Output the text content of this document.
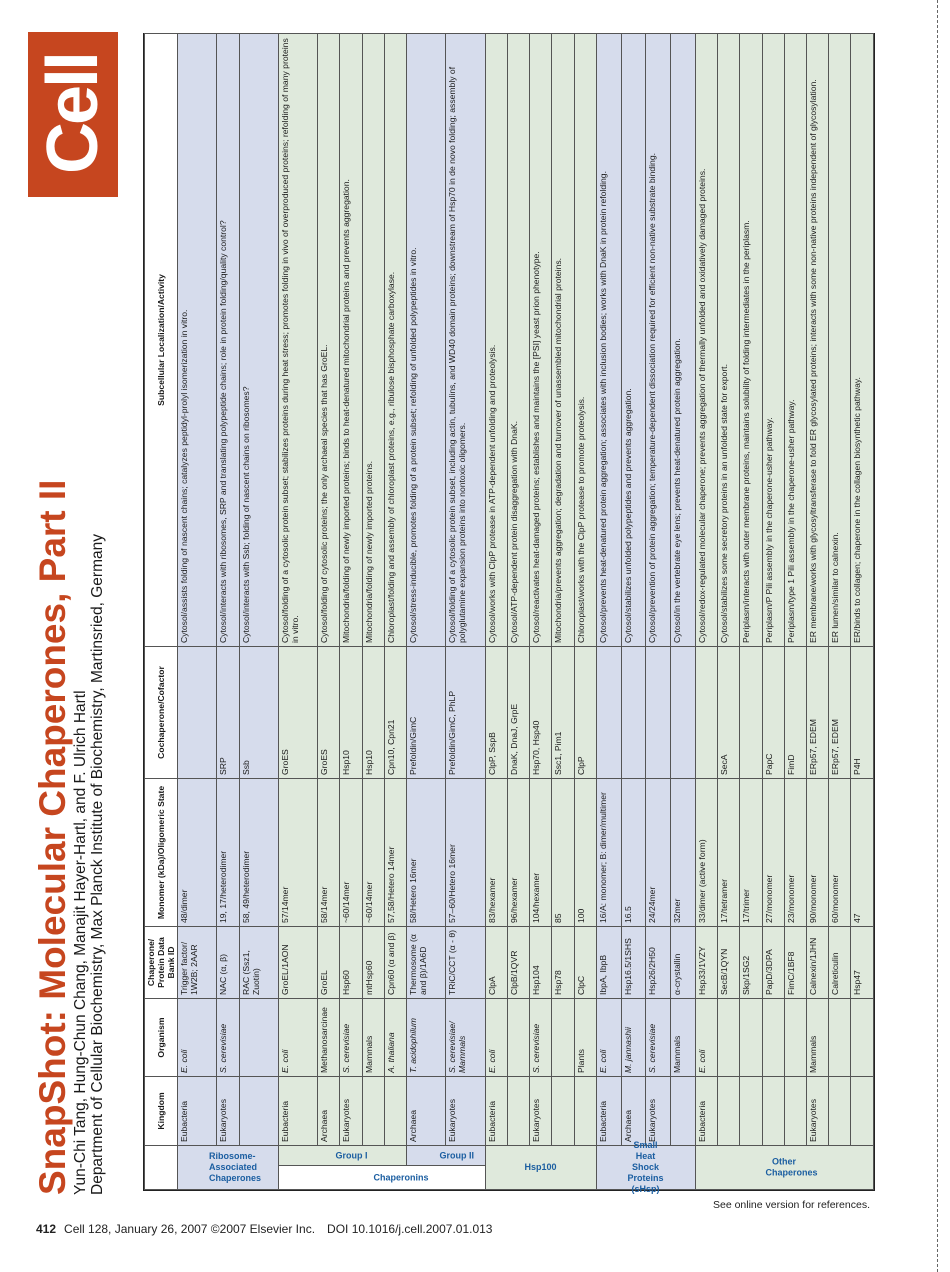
Cell
SnapShot: Molecular Chaperones, Part II Yun-Chi Tang, Hung-Chun Chang, Manajit Hayer-Hartl, and F. Ulrich Hartl Department of Cellular Biochemistry, Max Planck Institute of Biochemistry, Martinsried, Germany
See online version for references.
412 Cell 128, January 26, 2007 ©2007 Elsevier Inc. DOI 10.1016/j.cell.2007.01.013
		Kingdom	Organism	Chaperone/ Protein Data Bank ID	Monomer (kDa)/Oligomeric State	Cochaperone/Cofactor	Subcellular Localization/Activity

Ribosome-Associated Chaperones		Eubacteria	E. coli	Trigger factor/ 1W2B; 2AAR	48/dimer		Cytosol/assists folding of nascent chains; catalyzes peptidyl-prolyl isomerization in vitro.
		Eukaryotes	S. cerevisiae	NAC (α, β)	19, 17/heterodimer	SRP	Cytosol/interacts with ribosomes, SRP and translating polypeptide chains; role in protein folding/quality control?
				RAC (Ssz1, Zuotin)	58, 49/heterodimer	Ssb	Cytosol/interacts with Ssb; folding of nascent chains on ribosomes?

Chaperonins	Group I	Eubacteria	E. coli	GroEL/1AON	57/14mer	GroES	Cytosol/folding of a cytosolic protein subset; stabilizes proteins during heat stress; promotes folding in vivo of overproduced proteins; refolding of many proteins in vitro.
		Archaea	Methanosarcinae	GroEL	58/14mer	GroES	Cytosol/folding of cytosolic proteins; the only archaeal species that has GroEL.
		Eukaryotes	S. cerevisiae	Hsp60	~60/14mer	Hsp10	Mitochondria/folding of newly imported proteins; binds to heat-denatured mitochondrial proteins and prevents aggregation.
			Mammals	mtHsp60	~60/14mer	Hsp10	Mitochondria/folding of newly imported proteins.
			A. thaliana	Cpn60 (α and β)	57,58/Hetero 14mer	Cpn10, Cpn21	Chloroplast/folding and assembly of chloroplast proteins, e.g., ribulose bisphosphate carboxylase.

	Group II	Archaea	T. acidophilum	Thermosome (α and β)/1A6D	58/Hetero 16mer	Prefoldin/GimC	Cytosol/stress-inducible, promotes folding of a protein subset; refolding of unfolded polypeptides in vitro.
		Eukaryotes	S. cerevisiae/ Mammals	TRiC/CCT (α - θ)	57–60/Hetero 16mer	Prefoldin/GimC, PhLP	Cytosol/folding of a cytosolic protein subset, including actin, tubulins, and WD40 domain proteins; downstream of Hsp70 in de novo folding; assembly of polyglutamine expansion proteins into nontoxic oligomers.

Hsp100		Eubacteria	E. coli	ClpA	83/hexamer	ClpP, SspB	Cytosol/works with ClpP protease in ATP-dependent unfolding and proteolysis.
				ClpB/1QVR	96/hexamer	DnaK, DnaJ, GrpE	Cytosol/ATP-dependent protein disaggregation with DnaK.
		Eukaryotes	S. cerevisiae	Hsp104	104/hexamer	Hsp70, Hsp40	Cytosol/reactivates heat-damaged proteins; establishes and maintains the [PSI] yeast prion phenotype.
				Hsp78	85	Ssc1, Pim1	Mitochondria/prevents aggregation; degradation and turnover of unassembled mitochondrial proteins.
			Plants	ClpC	100	ClpP	Chloroplast/works with the ClpP protease to promote proteolysis.

Small Heat Shock Proteins (sHsp)		Eubacteria	E. coli	IbpA, IbpB	16/A: monomer; B: dimer/multimer		Cytosol/prevents heat-denatured protein aggregation; associates with inclusion bodies; works with DnaK in protein refolding.
		Archaea	M. jannashii	Hsp16.5/1SHS	16.5		Cytosol/stabilizes unfolded polypeptides and prevents aggregation.
		Eukaryotes	S. cerevisiae	Hsp26/2H50	24/24mer		Cytosol/prevention of protein aggregation; temperature-dependent dissociation required for efficient non-native substrate binding.
			Mammals	α-crystallin	32mer		Cytosol/in the vertebrate eye lens; prevents heat-denatured protein aggregation.

Other Chaperones		Eubacteria	E. coli	Hsp33/1VZY	33/dimer (active form)		Cytosol/redox-regulated molecular chaperone; prevents aggregation of thermally unfolded and oxidatively damaged proteins.
				SecB/1QYN	17/tetramer	SecA	Cytosol/stabilizes some secretory proteins in an unfolded state for export.
				Skp/1SG2	17/trimer		Periplasm/interacts with outer membrane proteins, maintains solubility of folding intermediates in the periplasm.
				PapD/3DPA	27/monomer	PapC	Periplasm/P Pili assembly in the chaperone-usher pathway.
				FimC/1BF8	23/monomer	FimD	Periplasm/type 1 Pili assembly in the chaperone-usher pathway.
		Eukaryotes	Mammals	Calnexin/1JHN	90/monomer	ERp57, EDEM	ER membrane/works with glycosyltransferase to fold ER glycosylated proteins; interacts with some non-native proteins independent of glycosylation.
				Calreticulin	60/monomer	ERp57, EDEM	ER lumen/similar to calnexin.
				Hsp47	47	P4H	ER/binds to collagen; chaperone in the collagen biosynthetic pathway.
